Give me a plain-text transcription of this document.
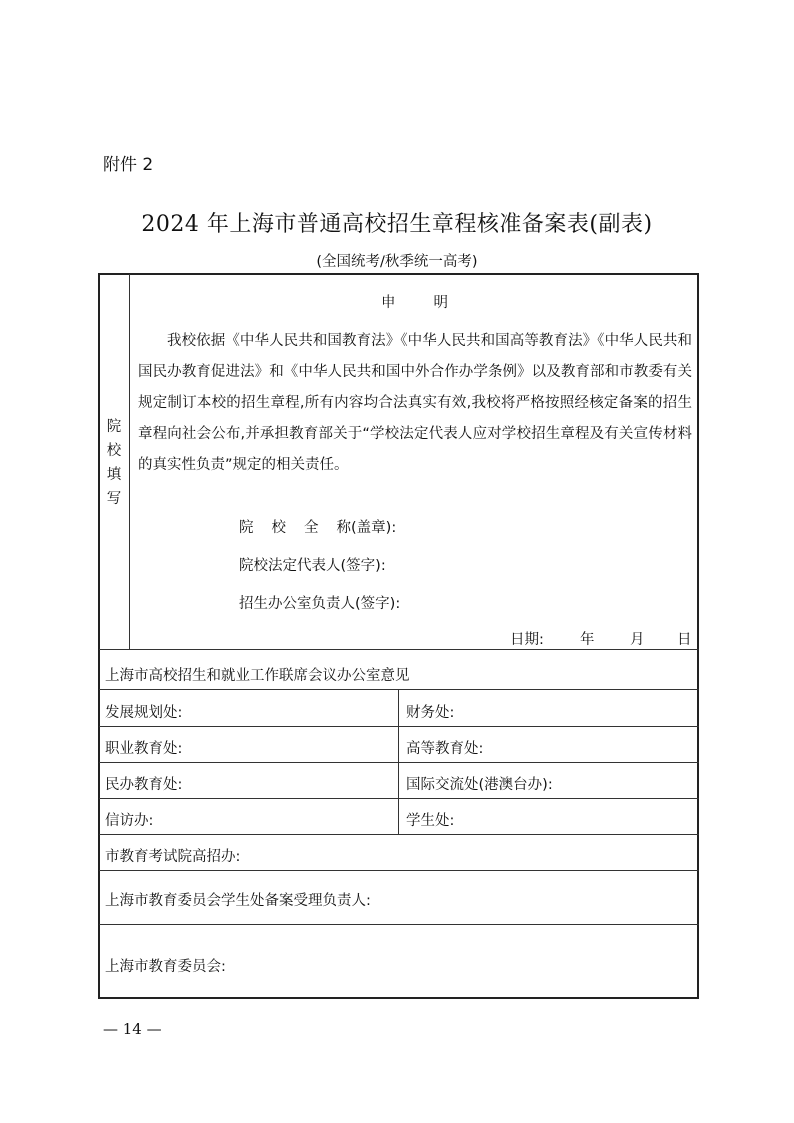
附件 2
2024 年上海市普通高校招生章程核准备案表(副表)
(全国统考/秋季统一高考)
院
校
填
写
申	明

我校依据《中华人民共和国教育法》《中华人民共和国高等教育法》《中华人民共和国民办教育促进法》和《中华人民共和国中外合作办学条例》以及教育部和市教委有关规定制订本校的招生章程,所有内容均合法真实有效,我校将严格按照经核定备案的招生章程向社会公布,并承担教育部关于“学校法定代表人应对学校招生章程及有关宣传材料的真实性负责”规定的相关责任。

院 校 全 称(盖章):
院校法定代表人(签字):
招生办公室负责人(签字):
日期: 年 月 日
上海市高校招生和就业工作联席会议办公室意见
发展规划处:	财务处:
职业教育处:	高等教育处:
民办教育处:	国际交流处(港澳台办):
信访办:	学生处:
市教育考试院高招办:
上海市教育委员会学生处备案受理负责人:
上海市教育委员会:
— 14 —
